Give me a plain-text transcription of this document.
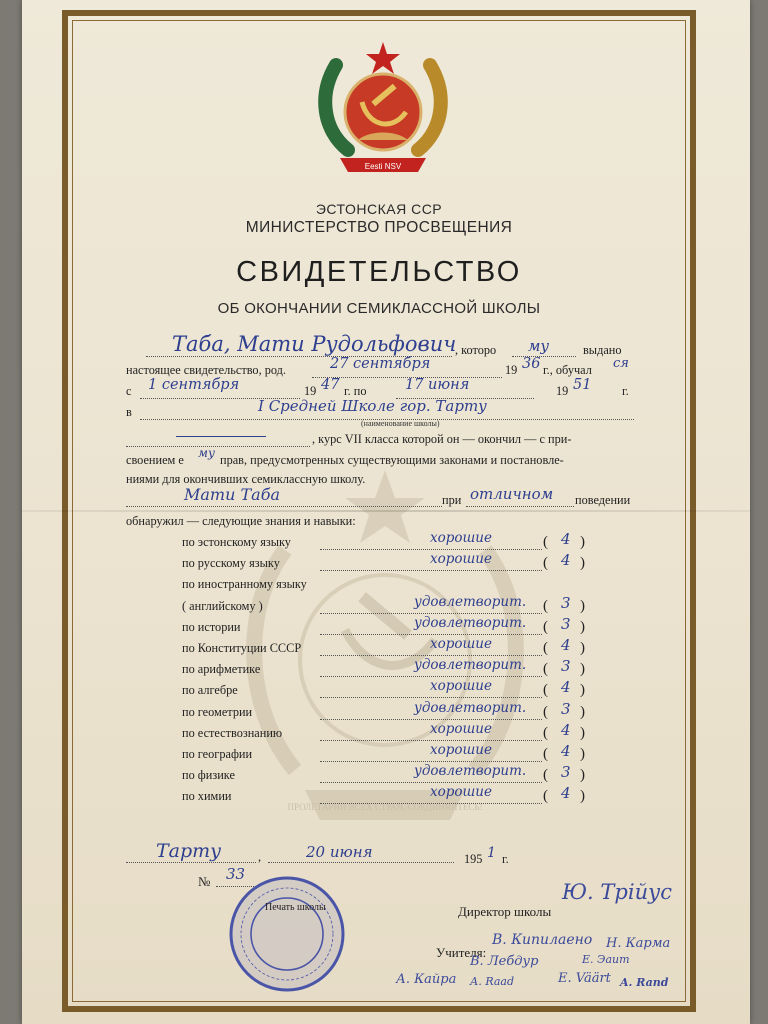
ПРОЛЕТАРИИ ВСЕХ СТРАН, СОЕДИНЯЙТЕСЬ!
Eesti NSV
ЭСТОНСКАЯ ССР
МИНИСТЕРСТВО ПРОСВЕЩЕНИЯ
СВИДЕТЕЛЬСТВО
ОБ ОКОНЧАНИИ СЕМИКЛАССНОЙ ШКОЛЫ
Таба, Мати Рудольфович
, которо му	выдано
настоящее свидетельство, род.	27 сентября	19 36 г., обучал ся
с 1 сентября	19 47 г. по	17 июня	19 51 г.
в	I Средней Школе гор. Тарту
(наименование школы)
, курс VII класса которой он — окончил — с при-
своением е му прав, предусмотренных существующими законами и постановле-
ниями для окончивших семиклассную школу.
Мати Таба	при отличном поведении
обнаружил — следующие знания и навыки:
по эстонскому языку	хорошие	( 4 )
по русскому языку	хорошие	( 4 )
по иностранному языку
( английскому )	удовлетворит. ( 3 )
по истории	удовлетворит. ( 3 )
по Конституции СССР	хорошие	( 4 )
по арифметике	удовлетворит. ( 3 )
по алгебре	хорошие	( 4 )
по геометрии	удовлетворит. ( 3 )
по естествознанию	хорошие	( 4 )
по географии	хорошие	( 4 )
по физике	удовлетворит. ( 3 )
по химии	хорошие	( 4 )
Тарту	,	20 июня	195 1 г.
№ 33
Печать школы	Директор школы
Ю. Трiйус
Учителя:
В. Кипилаено Н. Карма
В. Лебдур	Е. Эаит
А. Кайра А. Raad	Е. Väärt A. Rand
